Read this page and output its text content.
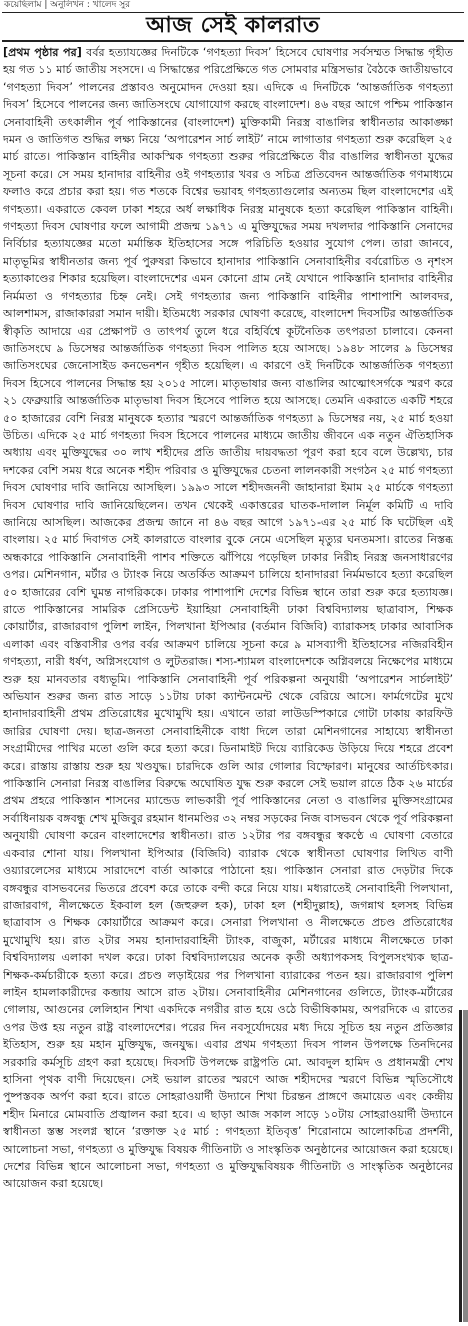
কয়েছিলাম | অনুলিখন : খালেদ সুর
আজ সেই কালরাত

[প্রথম পৃষ্ঠার পর] বর্বর হত্যাযজ্ঞের দিনটিকে ‘গণহত্যা দিবস’ হিসেবে ঘোষণার সর্বসম্মত সিদ্ধান্ত গৃহীত হয় গত ১১ মার্চ জাতীয় সংসদে। এ সিদ্ধান্তের পরিপ্রেক্ষিতে গত সোমবার মন্ত্রিসভার বৈঠকে জাতীয়ভাবে ‘গণহত্যা দিবস’ পালনের প্রস্তাবও অনুমোদন দেওয়া হয়। এদিকে এ দিনটিকে ‘আন্তর্জাতিক গণহত্যা দিবস’ হিসেবে পালনের জন্য জাতিসংঘে যোগাযোগ করছে বাংলাদেশ। ৪৬ বছর আগে পশ্চিম পাকিস্তান সেনাবাহিনী তৎকালীন পূর্ব পাকিস্তানের (বাংলাদেশ) মুক্তিকামী নিরস্ত্র বাঙালির স্বাধীনতার আকাঙ্ক্ষা দমন ও জাতিগত শুদ্ধির লক্ষ্য নিয়ে ‘অপারেশন সার্চ লাইট’ নামে লাগাতার গণহত্যা শুরু করেছিল ২৫ মার্চ রাতে। পাকিস্তান বাহিনীর আকস্মিক গণহত্যা শুরুর পরিপ্রেক্ষিতে বীর বাঙালির স্বাধীনতা যুদ্ধের সূচনা করে। সে সময় হানাদার বাহিনীর ওই গণহত্যার খবর ও সচিত্র প্রতিবেদন আন্তর্জাতিক গণমাধ্যমে ফলাও করে প্রচার করা হয়। গত শতকে বিশ্বের ভয়াবহ গণহত্যাগুলোর অন্যতম ছিল বাংলাদেশের এই গণহত্যা। একরাতে কেবল ঢাকা শহরে অর্ধ লক্ষাধিক নিরস্ত্র মানুষকে হত্যা করেছিল পাকিস্তান বাহিনী। গণহত্যা দিবস ঘোষণার ফলে আগামী প্রজন্ম ১৯৭১ এ মুক্তিযুদ্ধের সময় দখলদার পাকিস্তানি সেনাদের নির্বিচার হত্যাযজ্ঞের মতো মর্মান্তিক ইতিহাসের সঙ্গে পরিচিতি হওয়ার সুযোগ পেল। তারা জানবে, মাতৃভূমির স্বাধীনতার জন্য পূর্ব পুরুষরা কিভাবে হানাদার পাকিস্তানি সেনাবাহিনীর বর্বরোচিত ও নৃশংস হত্যাকাণ্ডের শিকার হয়েছিল। বাংলাদেশের এমন কোনো গ্রাম নেই যেখানে পাকিস্তানি হানাদার বাহিনীর নির্মমতা ও গণহত্যার চিহ্ন নেই। সেই গণহত্যার জন্য পাকিস্তানি বাহিনীর পাশাপাশি আলবদর, আলশামস, রাজাকাররা সমান দায়ী। ইতিমধ্যে সরকার ঘোষণা করেছে, বাংলাদেশ দিবসটির আন্তর্জাতিক স্বীকৃতি আদায়ে এর প্রেক্ষাপট ও তাৎপর্য তুলে ধরে বহির্বিশ্বে কূটনৈতিক তৎপরতা চালাবে। কেননা জাতিসংঘে ৯ ডিসেম্বর আন্তর্জাতিক গণহত্যা দিবস পালিত হয়ে আসছে। ১৯৪৮ সালের ৯ ডিসেম্বর জাতিসংঘের জেনোসাইড কনভেনশন গৃহীত হয়েছিল। এ কারণে ওই দিনটিকে আন্তর্জাতিক গণহত্যা দিবস হিসেবে পালনের সিদ্ধান্ত হয় ২০১৫ সালে। মাতৃভাষার জন্য বাঙালির আত্মোৎসর্গকে স্মরণ করে ২১ ফেব্রুয়ারি আন্তর্জাতিক মাতৃভাষা দিবস হিসেবে পালিত হয়ে আসছে। তেমনি একরাতে একটি শহরে ৫০ হাজারের বেশি নিরস্ত্র মানুষকে হত্যার স্মরণে আন্তর্জাতিক গণহত্যা ৯ ডিসেম্বর নয়, ২৫ মার্চ হওয়া উচিত। এদিকে ২৫ মার্চ গণহত্যা দিবস হিসেবে পালনের মাধ্যমে জাতীয় জীবনে এক নতুন ঐতিহাসিক অধ্যায় এবং মুক্তিযুদ্ধের ৩০ লাখ শহীদের প্রতি জাতীয় দায়বদ্ধতা পূরণ করা হবে বলে উল্লেখ্য, চার দশকের বেশি সময় ধরে অনেক শহীদ পরিবার ও মুক্তিযুদ্ধের চেতনা লালনকারী সংগঠন ২৫ মার্চ গণহত্যা দিবস ঘোষণার দাবি জানিয়ে আসছিল। ১৯৯৩ সালে শহীদজননী জাহানারা ইমাম ২৫ মার্চকে গণহত্যা দিবস ঘোষণার দাবি জানিয়েছিলেন। তখন থেকেই একাত্তরের ঘাতক-দালাল নির্মূল কমিটি এ দাবি জানিয়ে আসছিল। আজকের প্রজন্ম জানে না ৪৬ বছর আগে ১৯৭১-এর ২৫ মার্চ কি ঘটেছিল এই বাংলায়। ২৫ মার্চ দিবাগত সেই কালরাতে বাংলার বুকে নেমে এসেছিল মৃত্যুর ঘনতমসা। রাতের নিস্তব্ধ অন্ধকারে পাকিস্তানি সেনাবাহিনী পাশব শক্তিতে ঝাঁপিয়ে পড়েছিল ঢাকার নিরীহ নিরস্ত্র জনসাধারণের ওপর। মেশিনগান, মর্টার ও ট্যাংক নিয়ে অতর্কিত আক্রমণ চালিয়ে হানাদাররা নির্মমভাবে হত্যা করেছিল ৫০ হাজারের বেশি ঘুমন্ত নাগরিককে। ঢাকার পাশাপাশি দেশের বিভিন্ন স্থানে তারা শুরু করে হত্যাযজ্ঞ। রাতে পাকিস্তানের সামরিক প্রেসিডেন্ট ইয়াহিয়া সেনাবাহিনী ঢাকা বিশ্ববিদ্যালয় ছাত্রাবাস, শিক্ষক কোয়ার্টার, রাজারবাগ পুলিশ লাইন, পিলখানা ইপিআর (বর্তমান বিজিবি) ব্যারাকসহ ঢাকার আবাসিক এলাকা এবং বস্তিবাসীর ওপর বর্বর আক্রমণ চালিয়ে সূচনা করে ৯ মাসব্যাপী ইতিহাসের নজিরবিহীন গণহত্যা, নারী ধর্ষণ, অগ্নিসংযোগ ও লুটতরাজ। শস্য-শ্যামল বাংলাদেশকে অগ্নিবলয়ে নিক্ষেপের মাধ্যমে শুরু হয় মানবতার বধ্যভূমি। পাকিস্তানি সেনাবাহিনী পূর্ব পরিকল্পনা অনুযায়ী ‘অপারেশন সার্চলাইট’ অভিযান শুরুর জন্য রাত সাড়ে ১১টায় ঢাকা ক্যান্টনমেন্ট থেকে বেরিয়ে আসে। ফার্মগেটের মুখে হানাদারবাহিনী প্রথম প্রতিরোধের মুখোমুখি হয়। এখানে তারা লাউডস্পিকারে গোটা ঢাকায় কারফিউ জারির ঘোষণা দেয়। ছাত্র-জনতা সেনাবাহিনীকে বাধা দিলে তারা মেশিনগানের সাহায্যে স্বাধীনতা সংগ্রামীদের পাখির মতো গুলি করে হত্যা করে। ডিনামাইট দিয়ে ব্যারিকেড উড়িয়ে দিয়ে শহরে প্রবেশ করে। রাস্তায় রাস্তায় শুরু হয় খণ্ডযুদ্ধ। চারদিকে গুলি আর গোলার বিস্ফোরণ। মানুষের আর্তচিৎকার। পাকিস্তানি সেনারা নিরস্ত্র বাঙালির বিরুদ্ধে অঘোষিত যুদ্ধ শুরু করলে সেই ভয়াল রাতে ঠিক ২৬ মার্চের প্রথম প্রহরে পাকিস্তান শাসনের ম্যান্ডেড লাভকারী পূর্ব পাকিস্তানের নেতা ও বাঙালির মুক্তিসংগ্রামের সর্বাধিনায়ক বঙ্গবন্ধু শেখ মুজিবুর রহমান ধানমণ্ডির ৩২ নম্বর সড়কের নিজ বাসভবন থেকে পূর্ব পরিকল্পনা অনুযায়ী ঘোষণা করেন বাংলাদেশের স্বাধীনতা। রাত ১২টার পর বঙ্গবন্ধুর স্বকণ্ঠে এ ঘোষণা বেতারে একবার শোনা যায়। পিলখানা ইপিআর (বিজিবি) ব্যারাক থেকে স্বাধীনতা ঘোষণার লিখিত বাণী ওয়্যারলেসের মাধ্যমে সারাদেশে বার্তা আকারে পাঠানো হয়। পাকিস্তান সেনারা রাত দেড়টার দিকে বঙ্গবন্ধুর বাসভবনের ভিতরে প্রবেশ করে তাকে বন্দী করে নিয়ে যায়। মধ্যরাতেই সেনাবাহিনী পিলখানা, রাজারবাগ, নীলক্ষেতে ইকবাল হল (জহুরুল হক), ঢাকা হল (শহীদুল্লাহ), জগন্নাথ হলসহ বিভিন্ন ছাত্রাবাস ও শিক্ষক কোয়ার্টারে আক্রমণ করে। সেনারা পিলখানা ও নীলক্ষেতে প্রচণ্ড প্রতিরোধের মুখোমুখি হয়। রাত ২টার সময় হানাদারবাহিনী ট্যাংক, বাজুকা, মর্টারের মাধ্যমে নীলক্ষেতে ঢাকা বিশ্ববিদ্যালয় এলাকা দখল করে। ঢাকা বিশ্ববিদ্যালয়ের অনেক কৃতী অধ্যাপকসহ বিপুলসংখ্যক ছাত্র-শিক্ষক-কর্মচারীকে হত্যা করে। প্রচণ্ড লড়াইয়ের পর পিলখানা ব্যারাকের পতন হয়। রাজারবাগ পুলিশ লাইন হামলাকারীদের কব্জায় আসে রাত ২টায়। সেনাবাহিনীর মেশিনগানের গুলিতে, ট্যাংক-মর্টারের গোলায়, আগুনের লেলিহান শিখা একদিকে নগরীর রাত হয়ে ওঠে বিভীষিকাময়, অপরদিকে এ রাতের ওপর উপ্ত হয় নতুন রাষ্ট্র বাংলাদেশের। পরের দিন নবসূর্যোদয়ের মধ্য দিয়ে সূচিত হয় নতুন প্রতিজ্ঞার ইতিহাস, শুরু হয় মহান মুক্তিযুদ্ধ, জনযুদ্ধ। এবার প্রথম গণহত্যা দিবস পালন উপলক্ষে তিনদিনের সরকারি কর্মসূচি গ্রহণ করা হয়েছে। দিবসটি উপলক্ষে রাষ্ট্রপতি মো. আবদুল হামিদ ও প্রধানমন্ত্রী শেখ হাসিনা পৃথক বাণী দিয়েছেন। সেই ভয়াল রাতের স্মরণে আজ শহীদদের স্মরণে বিভিন্ন স্মৃতিসৌধে পুষ্পস্তবক অর্পণ করা হবে। রাতে সোহরাওয়ার্দী উদ্যানে শিখা চিরন্তন প্রাঙ্গণে জমায়েত এবং কেন্দ্রীয় শহীদ মিনারে মোমবাতি প্রজ্বালন করা হবে। এ ছাড়া আজ সকাল সাড়ে ১০টায় সোহরাওয়ার্দী উদ্যানে স্বাধীনতা স্তম্ভ সংলগ্ন স্থানে ‘রক্তাক্ত ২৫ মার্চ : গণহত্যা ইতিবৃত্ত’ শিরোনামে আলোকচিত্র প্রদর্শনী, আলোচনা সভা, গণহত্যা ও মুক্তিযুদ্ধ বিষয়ক গীতিনাট্য ও সাংস্কৃতিক অনুষ্ঠানের আয়োজন করা হয়েছে। দেশের বিভিন্ন স্থানে আলোচনা সভা, গণহত্যা ও মুক্তিযুদ্ধবিষয়ক গীতিনাট্য ও সাংস্কৃতিক অনুষ্ঠানের আয়োজন করা হয়েছে।
